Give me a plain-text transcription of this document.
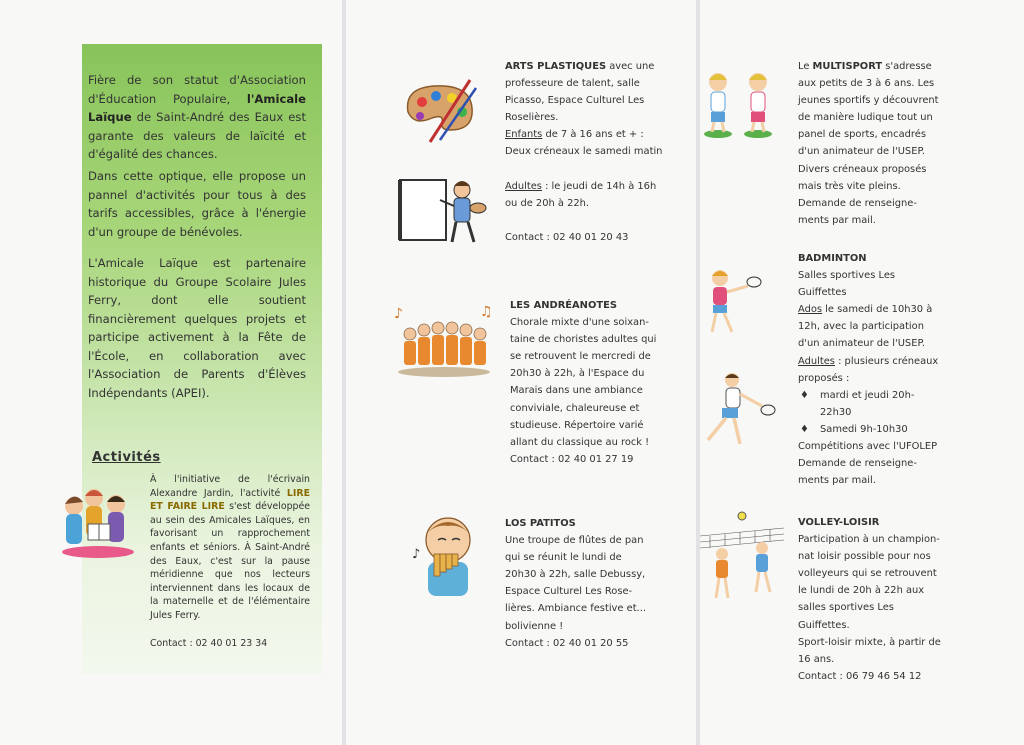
Fière de son statut d'Association d'Éducation Populaire, l'Amicale Laïque de Saint-André des Eaux est garante des valeurs de laïcité et d'égalité des chances.
Dans cette optique, elle propose un pannel d'activités pour tous à des tarifs accessibles, grâce à l'énergie d'un groupe de bénévoles.
L'Amicale Laïque est partenaire historique du Groupe Scolaire Jules Ferry, dont elle soutient financièrement quelques projets et participe activement à la Fête de l'École, en collaboration avec l'Association de Parents d'Élèves Indépendants (APEI).
Activités
À l'initiative de l'écrivain Alexandre Jardin, l'activité LIRE ET FAIRE LIRE s'est développée au sein des Amicales Laïques, en favorisant un rapprochement enfants et séniors. À Saint-André des Eaux, c'est sur la pause méridienne que nos lecteurs interviennent dans les locaux de la maternelle et de l'élémentaire Jules Ferry.
Contact : 02 40 01 23 34
ARTS PLASTIQUES avec une
professeure de talent, salle
Picasso, Espace Culturel Les
Roselières.
Enfants de 7 à 16 ans et + :
Deux créneaux le samedi matin
Adultes : le jeudi de 14h à 16h
ou de 20h à 22h.
Contact : 02 40 01 20 43
♪	♫ LES ANDRÉANOTES
Chorale mixte d'une soixan-
taine de choristes adultes qui
se retrouvent le mercredi de
20h30 à 22h, à l'Espace du
Marais dans une ambiance
conviviale, chaleureuse et
studieuse. Répertoire varié
allant du classique au rock !
Contact : 02 40 01 27 19
♪
LOS PATITOS
Une troupe de flûtes de pan
qui se réunit le lundi de
20h30 à 22h, salle Debussy,
Espace Culturel Les Rose-
lières. Ambiance festive et...
bolivienne !
Contact : 02 40 01 20 55
Le MULTISPORT s'adresse
aux petits de 3 à 6 ans. Les
jeunes sportifs y découvrent
de manière ludique tout un
panel de sports, encadrés
d'un animateur de l'USEP.
Divers créneaux proposés
mais très vite pleins.
Demande de renseigne-
ments par mail.
BADMINTON
Salles sportives Les
Guiffettes
Ados le samedi de 10h30 à
12h, avec la participation
d'un animateur de l'USEP.
Adultes : plusieurs créneaux
proposés :
♦ mardi et jeudi 20h-
22h30
♦ Samedi 9h-10h30
Compétitions avec l'UFOLEP
Demande de renseigne-
ments par mail.
VOLLEY-LOISIR
Participation à un champion-
nat loisir possible pour nos
volleyeurs qui se retrouvent
le lundi de 20h à 22h aux
salles sportives Les
Guiffettes.
Sport-loisir mixte, à partir de
16 ans.
Contact : 06 79 46 54 12
